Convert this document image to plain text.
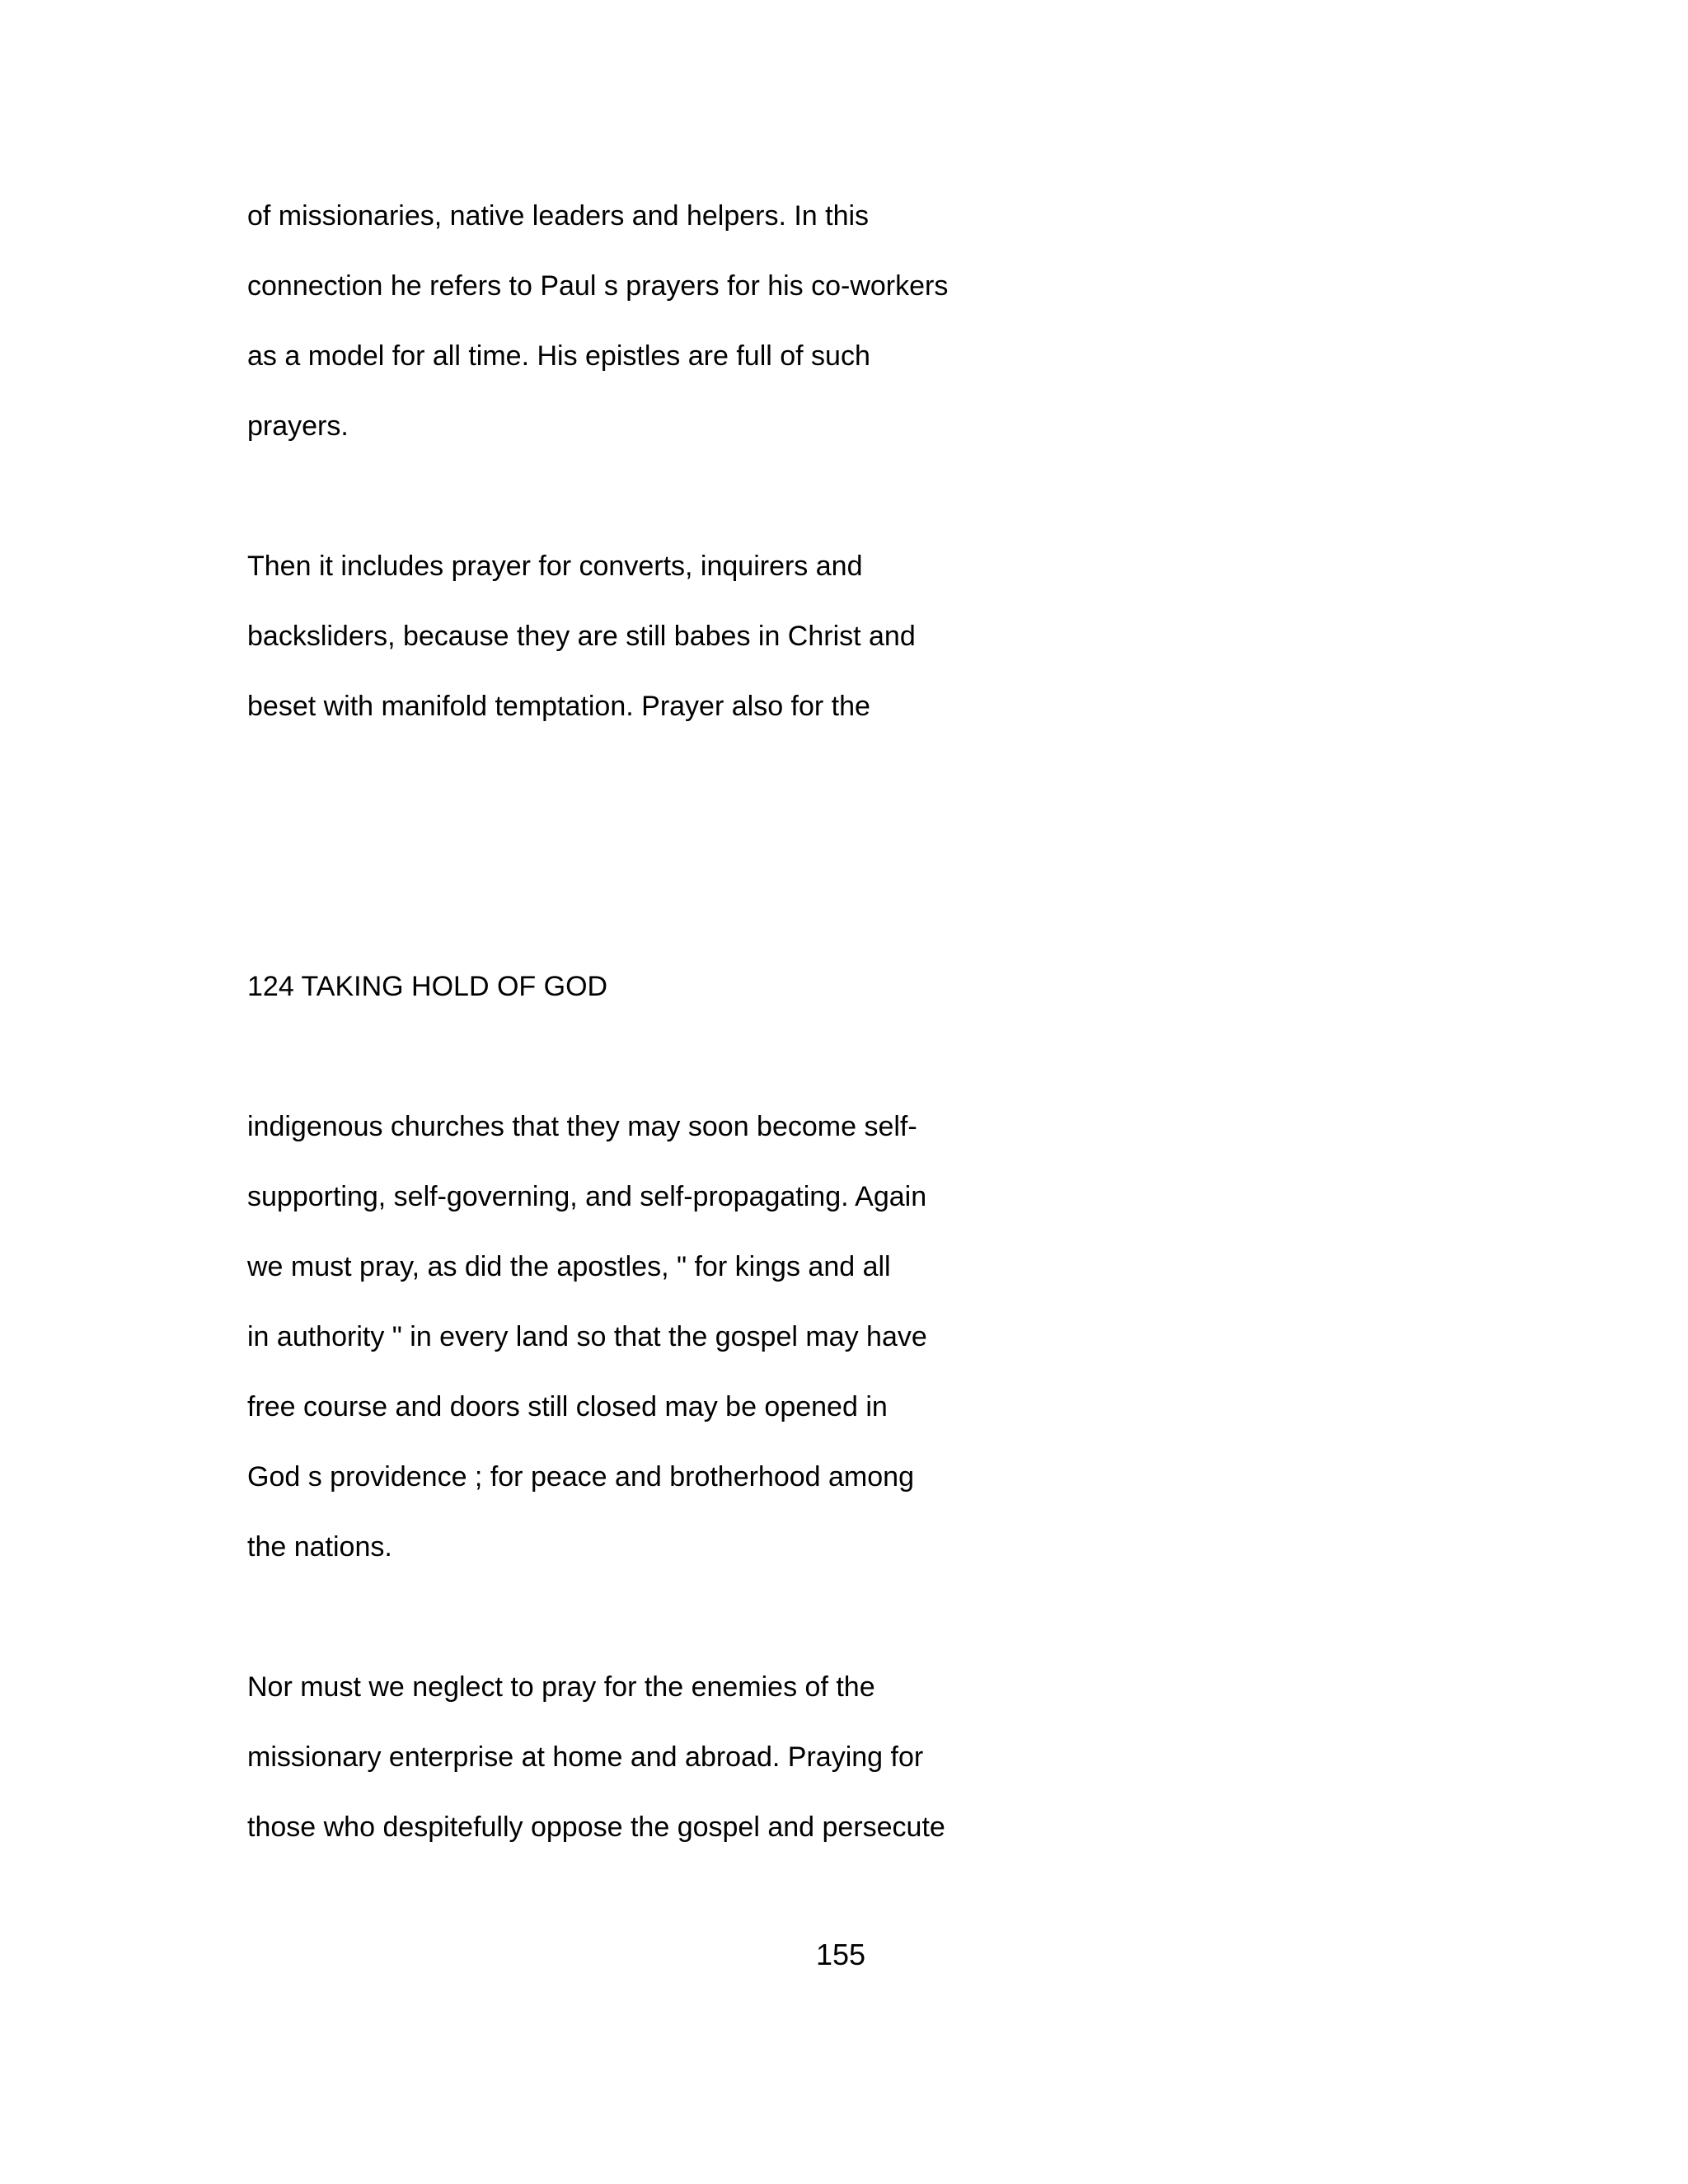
of missionaries, native leaders and helpers. In this
connection he refers to Paul s prayers for his co-workers
as a model for all time. His epistles are full of such
prayers.
Then it includes prayer for converts, inquirers and
backsliders, because they are still babes in Christ and
beset with manifold temptation. Prayer also for the
124 TAKING HOLD OF GOD
indigenous churches that they may soon become self-
supporting, self-governing, and self-propagating. Again
we must pray, as did the apostles, " for kings and all
in authority " in every land so that the gospel may have
free course and doors still closed may be opened in
God s providence ; for peace and brotherhood among
the nations.
Nor must we neglect to pray for the enemies of the
missionary enterprise at home and abroad. Praying for
those who despitefully oppose the gospel and persecute
155
